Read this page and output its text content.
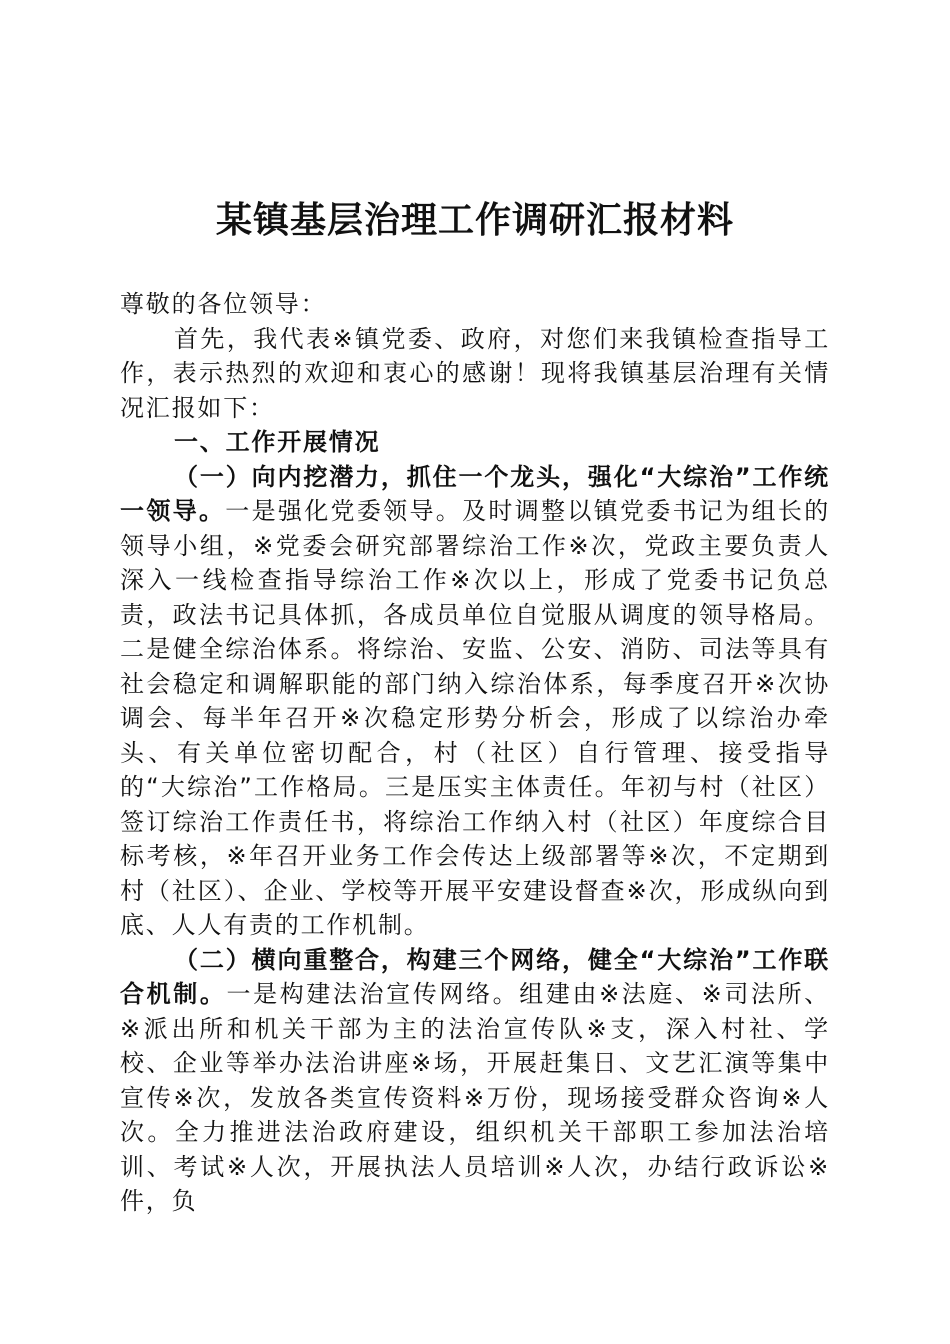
某镇基层治理工作调研汇报材料

尊敬的各位领导：

首先，我代表※镇党委、政府，对您们来我镇检查指导工作，表示热烈的欢迎和衷心的感谢！现将我镇基层治理有关情况汇报如下：

一、工作开展情况

（一）向内挖潜力，抓住一个龙头，强化“大综治”工作统一领导。一是强化党委领导。及时调整以镇党委书记为组长的领导小组，※党委会研究部署综治工作※次，党政主要负责人深入一线检查指导综治工作※次以上，形成了党委书记负总责，政法书记具体抓，各成员单位自觉服从调度的领导格局。二是健全综治体系。将综治、安监、公安、消防、司法等具有社会稳定和调解职能的部门纳入综治体系，每季度召开※次协调会、每半年召开※次稳定形势分析会，形成了以综治办牵头、有关单位密切配合，村（社区）自行管理、接受指导的“大综治”工作格局。三是压实主体责任。年初与村（社区）签订综治工作责任书，将综治工作纳入村（社区）年度综合目标考核，※年召开业务工作会传达上级部署等※次，不定期到村（社区）、企业、学校等开展平安建设督查※次，形成纵向到底、人人有责的工作机制。

（二）横向重整合，构建三个网络，健全“大综治”工作联合机制。一是构建法治宣传网络。组建由※法庭、※司法所、※派出所和机关干部为主的法治宣传队※支，深入村社、学校、企业等举办法治讲座※场，开展赶集日、文艺汇演等集中宣传※次，发放各类宣传资料※万份，现场接受群众咨询※人次。全力推进法治政府建设，组织机关干部职工参加法治培训、考试※人次，开展执法人员培训※人次，办结行政诉讼※件，负
